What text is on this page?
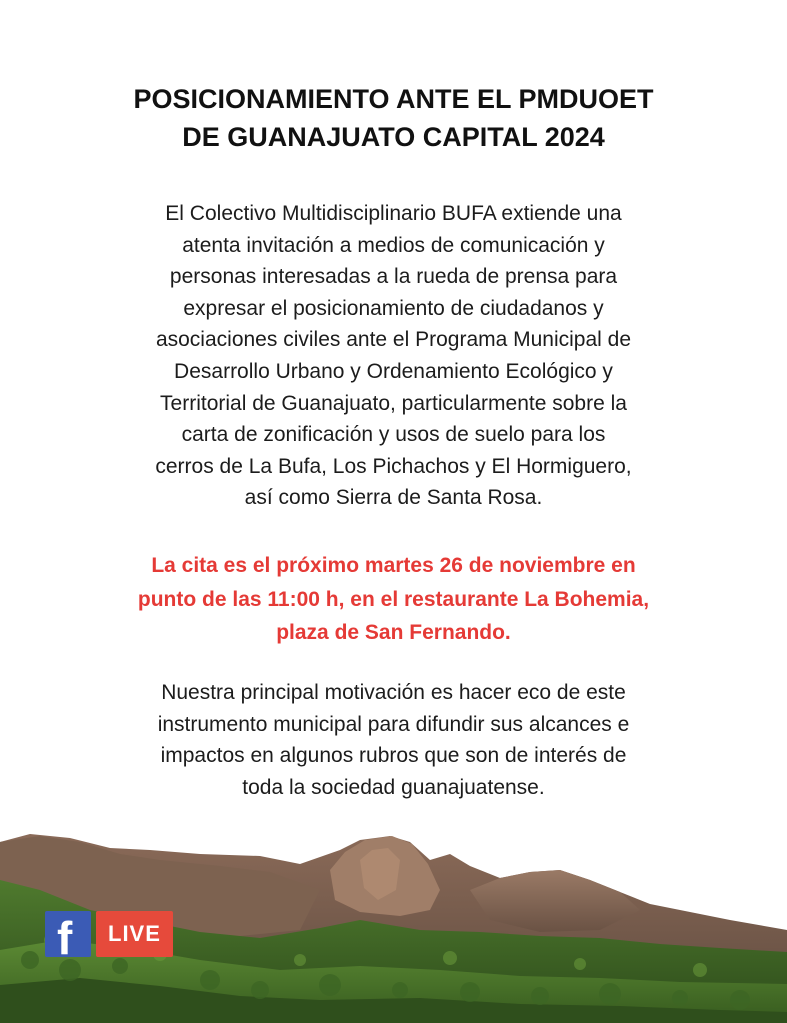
POSICIONAMIENTO ANTE EL PMDUOET
DE GUANAJUATO CAPITAL 2024
El Colectivo Multidisciplinario BUFA extiende una
atenta invitación a medios de comunicación y
personas interesadas a la rueda de prensa para
expresar el posicionamiento de ciudadanos y
asociaciones civiles ante el Programa Municipal de
Desarrollo Urbano y Ordenamiento Ecológico y
Territorial de Guanajuato, particularmente sobre la
carta de zonificación y usos de suelo para los
cerros de La Bufa, Los Pichachos y El Hormiguero,
así como Sierra de Santa Rosa.
La cita es el próximo martes 26 de noviembre en
punto de las 11:00 h, en el restaurante La Bohemia,
plaza de San Fernando.
Nuestra principal motivación es hacer eco de este
instrumento municipal para difundir sus alcances e
impactos en algunos rubros que son de interés de
toda la sociedad guanajuatense.
f	LIVE
